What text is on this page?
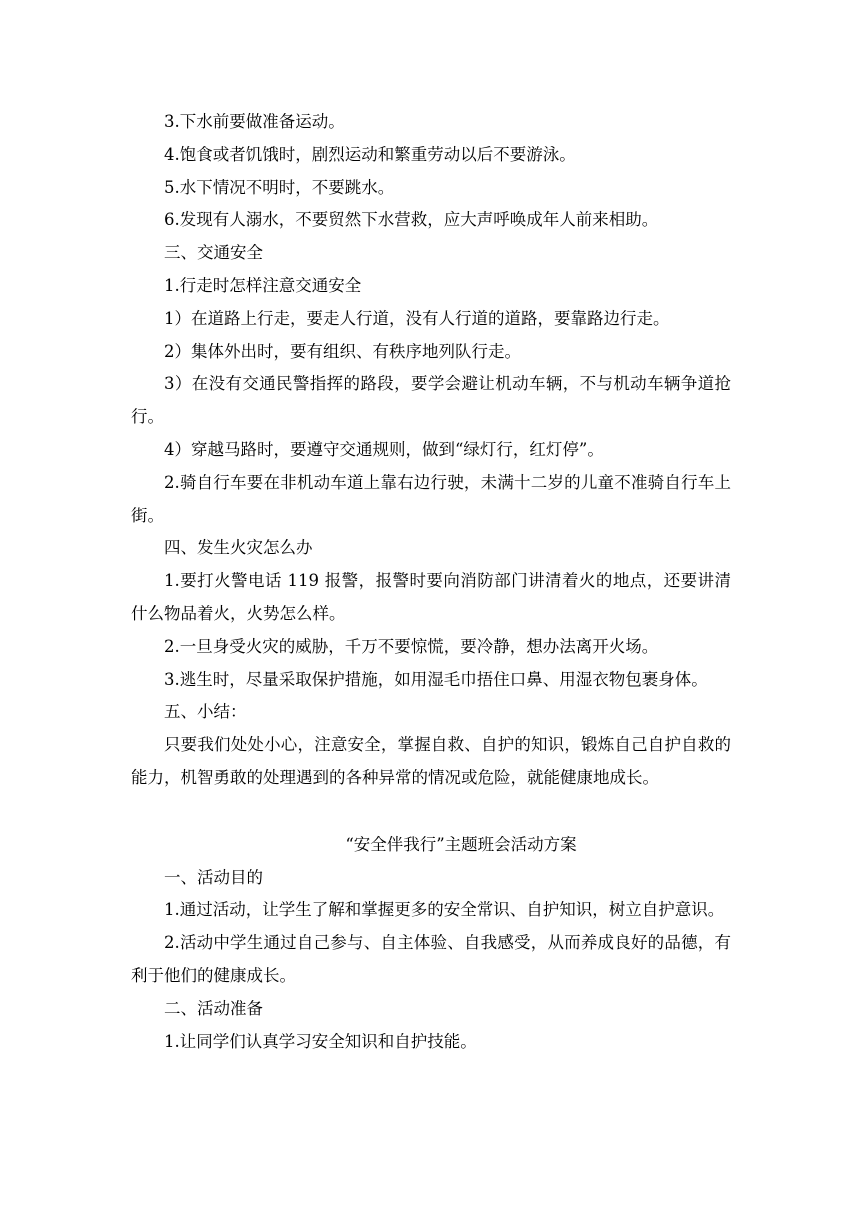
3.下水前要做准备运动。

4.饱食或者饥饿时，剧烈运动和繁重劳动以后不要游泳。

5.水下情况不明时，不要跳水。

6.发现有人溺水，不要贸然下水营救，应大声呼唤成年人前来相助。

三、交通安全

1.行走时怎样注意交通安全

1）在道路上行走，要走人行道，没有人行道的道路，要靠路边行走。

2）集体外出时，要有组织、有秩序地列队行走。

3）在没有交通民警指挥的路段，要学会避让机动车辆，不与机动车辆争道抢行。

4）穿越马路时，要遵守交通规则，做到“绿灯行，红灯停”。

2.骑自行车要在非机动车道上靠右边行驶，未满十二岁的儿童不准骑自行车上街。

四、发生火灾怎么办

1.要打火警电话 119 报警，报警时要向消防部门讲清着火的地点，还要讲清什么物品着火，火势怎么样。

2.一旦身受火灾的威胁，千万不要惊慌，要冷静，想办法离开火场。

3.逃生时，尽量采取保护措施，如用湿毛巾捂住口鼻、用湿衣物包裹身体。

五、小结：

只要我们处处小心，注意安全，掌握自救、自护的知识，锻炼自己自护自救的能力，机智勇敢的处理遇到的各种异常的情况或危险，就能健康地成长。

“安全伴我行”主题班会活动方案

一、活动目的

1.通过活动，让学生了解和掌握更多的安全常识、自护知识，树立自护意识。

2.活动中学生通过自己参与、自主体验、自我感受，从而养成良好的品德，有利于他们的健康成长。

二、活动准备

1.让同学们认真学习安全知识和自护技能。
